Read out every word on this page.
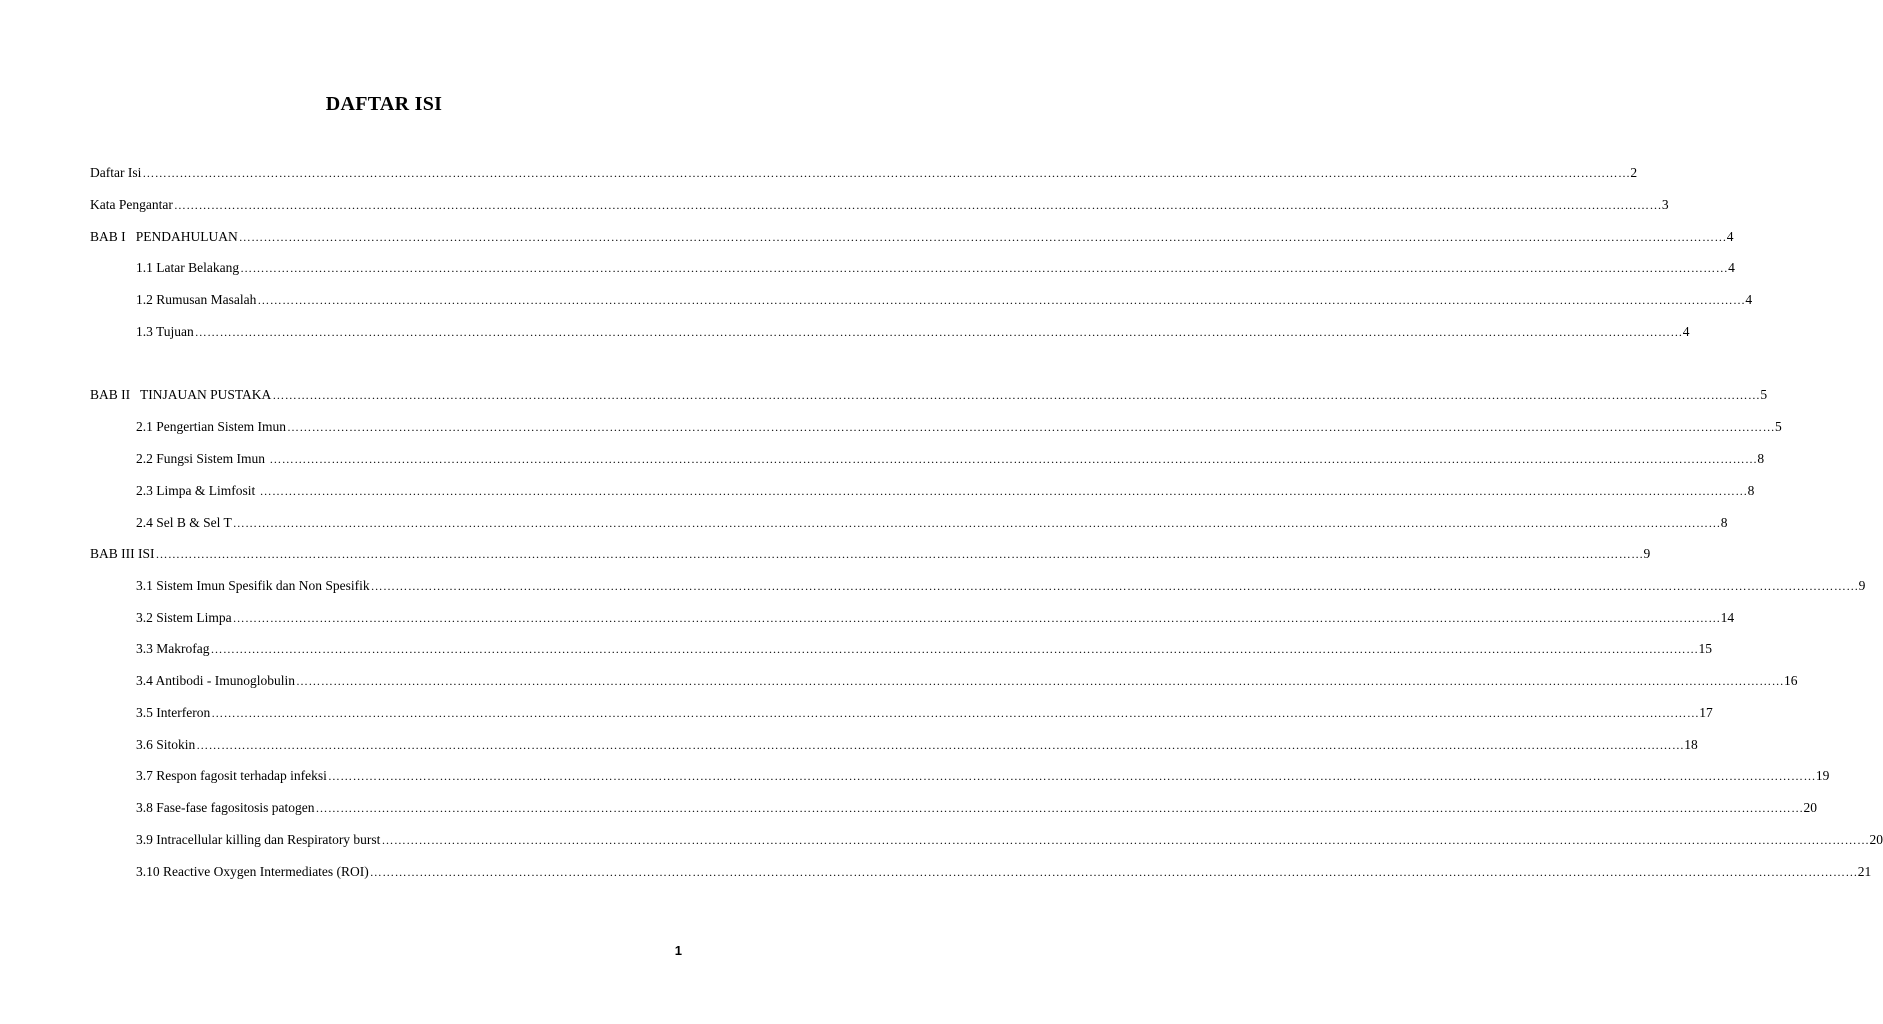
DAFTAR ISI
Daftar Isi ……………………………………………………………………………………………………………………………………………………………………………………………………………………………………………………………………………………………………………………………… 2
Kata Pengantar ……………………………………………………………………………………………………………………………………………………………………………………………………………………………………………………………………………………………………………………………… 3
BAB I   PENDAHULUAN ……………………………………………………………………………………………………………………………………………………………………………………………………………………………………………………………………………………………………………………………… 4
1.1 Latar Belakang ……………………………………………………………………………………………………………………………………………………………………………………………………………………………………………………………………………………………………………………………… 4
1.2 Rumusan Masalah ……………………………………………………………………………………………………………………………………………………………………………………………………………………………………………………………………………………………………………………………… 4
1.3 Tujuan ……………………………………………………………………………………………………………………………………………………………………………………………………………………………………………………………………………………………………………………………… 4
BAB II   TINJAUAN PUSTAKA ……………………………………………………………………………………………………………………………………………………………………………………………………………………………………………………………………………………………………………………………… 5
2.1 Pengertian Sistem Imun ……………………………………………………………………………………………………………………………………………………………………………………………………………………………………………………………………………………………………………………………… 5
2.2 Fungsi Sistem Imun ……………………………………………………………………………………………………………………………………………………………………………………………………………………………………………………………………………………………………………………………… 8
2.3 Limpa & Limfosit ……………………………………………………………………………………………………………………………………………………………………………………………………………………………………………………………………………………………………………………………… 8
2.4 Sel B & Sel T ……………………………………………………………………………………………………………………………………………………………………………………………………………………………………………………………………………………………………………………………… 8
BAB III ISI ……………………………………………………………………………………………………………………………………………………………………………………………………………………………………………………………………………………………………………………………… 9
3.1 Sistem Imun Spesifik dan Non Spesifik ……………………………………………………………………………………………………………………………………………………………………………………………………………………………………………………………………………………………………………………………… 9
3.2 Sistem Limpa ……………………………………………………………………………………………………………………………………………………………………………………………………………………………………………………………………………………………………………………………… 14
3.3 Makrofag ……………………………………………………………………………………………………………………………………………………………………………………………………………………………………………………………………………………………………………………………… 15
3.4 Antibodi - Imunoglobulin ……………………………………………………………………………………………………………………………………………………………………………………………………………………………………………………………………………………………………………………………… 16
3.5 Interferon ……………………………………………………………………………………………………………………………………………………………………………………………………………………………………………………………………………………………………………………………… 17
3.6 Sitokin ……………………………………………………………………………………………………………………………………………………………………………………………………………………………………………………………………………………………………………………………… 18
3.7 Respon fagosit terhadap infeksi ……………………………………………………………………………………………………………………………………………………………………………………………………………………………………………………………………………………………………………………………… 19
3.8 Fase-fase fagositosis patogen ……………………………………………………………………………………………………………………………………………………………………………………………………………………………………………………………………………………………………………………………… 20
3.9 Intracellular killing dan Respiratory burst ……………………………………………………………………………………………………………………………………………………………………………………………………………………………………………………………………………………………………………………………… 20
3.10 Reactive Oxygen Intermediates (ROI) ……………………………………………………………………………………………………………………………………………………………………………………………………………………………………………………………………………………………………………………………… 21
1
